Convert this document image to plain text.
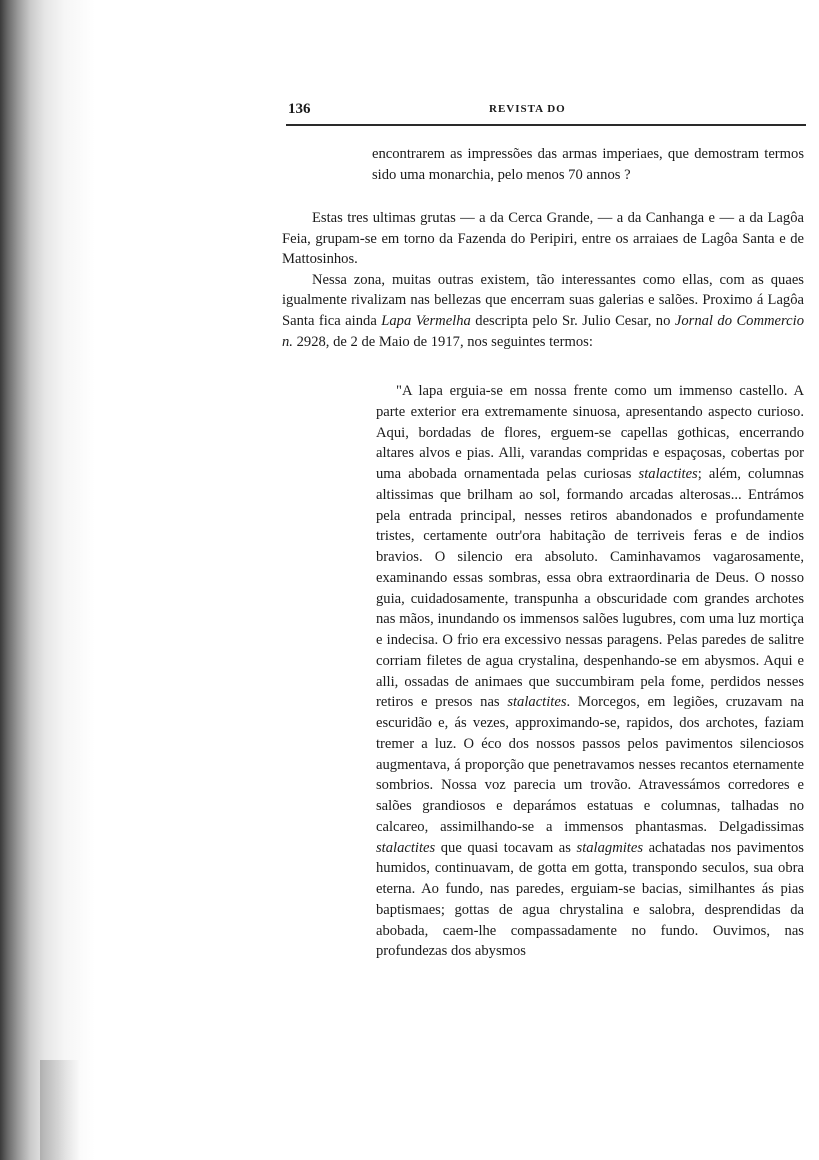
136	REVISTA DO

encontrarem as impressões das armas imperiaes, que demostram termos sido uma monarchia, pelo menos 70 annos ?

Estas tres ultimas grutas — a da Cerca Grande, — a da Canhanga e — a da Lagôa Feia, grupam-se em torno da Fazenda do Peripiri, entre os arraiaes de Lagôa Santa e de Mattosinhos.

Nessa zona, muitas outras existem, tão interessantes como ellas, com as quaes igualmente rivalizam nas bellezas que encerram suas galerias e salões. Proximo á Lagôa Santa fica ainda Lapa Vermelha descripta pelo Sr. Julio Cesar, no Jornal do Commercio n. 2928, de 2 de Maio de 1917, nos seguintes termos:

"A lapa erguia-se em nossa frente como um immenso castello. A parte exterior era extremamente sinuosa, apresentando aspecto curioso. Aqui, bordadas de flores, erguem-se capellas gothicas, encerrando altares alvos e pias. Alli, varandas compridas e espaçosas, cobertas por uma abobada ornamentada pelas curiosas stalactites; além, columnas altissimas que brilham ao sol, formando arcadas alterosas... Entrámos pela entrada principal, nesses retiros abandonados e profundamente tristes, certamente outr'ora habitação de terriveis feras e de indios bravios. O silencio era absoluto. Caminhavamos vagarosamente, examinando essas sombras, essa obra extraordinaria de Deus. O nosso guia, cuidadosamente, transpunha a obscuridade com grandes archotes nas mãos, inundando os immensos salões lugubres, com uma luz mortiça e indecisa. O frio era excessivo nessas paragens. Pelas paredes de salitre corriam filetes de agua crystalina, despenhando-se em abysmos. Aqui e alli, ossadas de animaes que succumbiram pela fome, perdidos nesses retiros e presos nas stalactites. Morcegos, em legiões, cruzavam na escuridão e, ás vezes, approximando-se, rapidos, dos archotes, faziam tremer a luz. O éco dos nossos passos pelos pavimentos silenciosos augmentava, á proporção que penetravamos nesses recantos eternamente sombrios. Nossa voz parecia um trovão. Atravessámos corredores e salões grandiosos e deparámos estatuas e columnas, talhadas no calcareo, assimilhando-se a immensos phantasmas. Delgadissimas stalactites que quasi tocavam as stalagmites achatadas nos pavimentos humidos, continuavam, de gotta em gotta, transpondo seculos, sua obra eterna. Ao fundo, nas paredes, erguiam-se bacias, similhantes ás pias baptismaes; gottas de agua chrystalina e salobra, desprendidas da abobada, caem-lhe compassadamente no fundo. Ouvimos, nas profundezas dos abysmos
